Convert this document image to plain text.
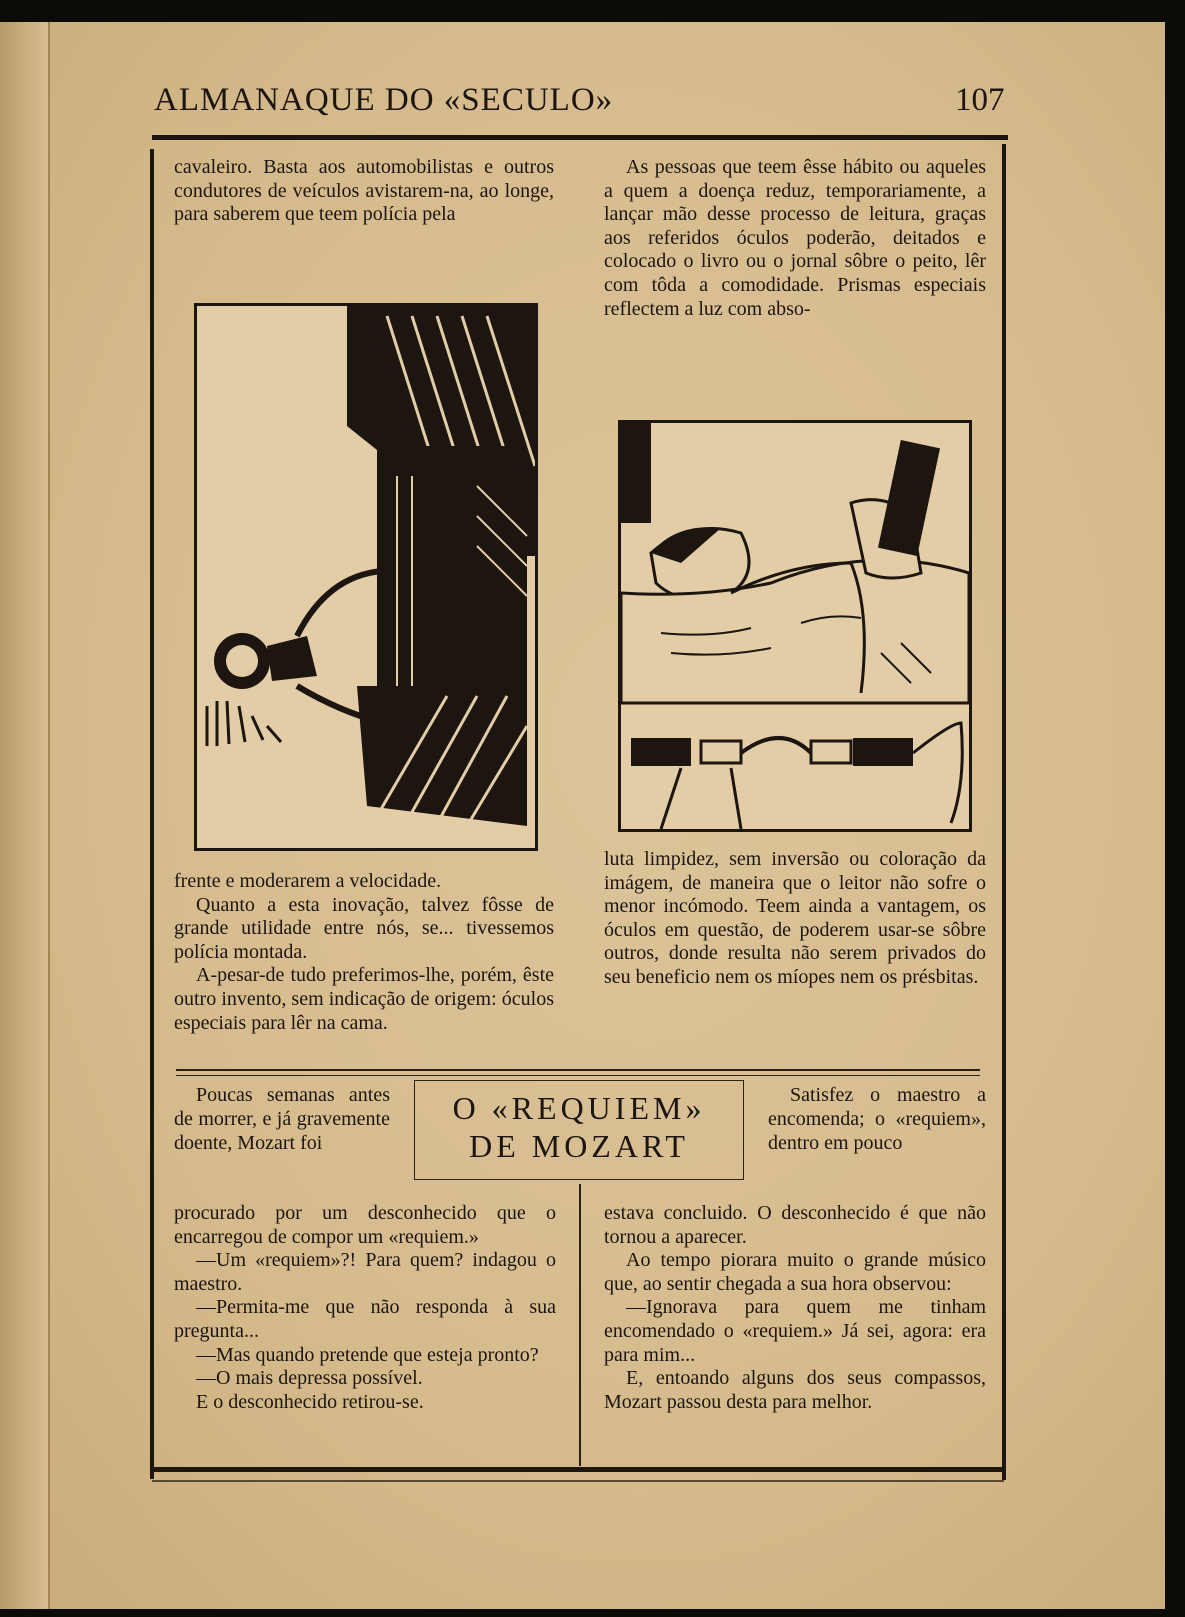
ALMANAQUE DO «SECULO»	107

cavaleiro. Basta aos automobilistas e outros condutores de veículos avistarem-na, ao longe, para saberem que teem polícia pela

frente e moderarem a velocidade.

Quanto a esta inovação, talvez fôsse de grande utilidade entre nós, se... tivessemos polícia montada.

A-pesar-de tudo preferimos-lhe, porém, êste outro invento, sem indicação de origem: óculos especiais para lêr na cama.

As pessoas que teem êsse hábito ou aqueles a quem a doença reduz, temporariamente, a lançar mão desse processo de leitura, graças aos referidos óculos poderão, deitados e colocado o livro ou o jornal sôbre o peito, lêr com tôda a comodidade. Prismas especiais reflectem a luz com abso-

luta limpidez, sem inversão ou coloração da imágem, de maneira que o leitor não sofre o menor incómodo. Teem ainda a vantagem, os óculos em questão, de poderem usar-se sôbre outros, donde resulta não serem privados do seu beneficio nem os míopes nem os présbitas.

O «REQUIEM»
DE MOZART

Poucas semanas antes de morrer, e já gravemente doente, Mozart foi

procurado por um desconhecido que o encarregou de compor um «requiem.»

—Um «requiem»?! Para quem? indagou o maestro.

—Permita-me que não responda à sua pregunta...

—Mas quando pretende que esteja pronto?

—O mais depressa possível.

E o desconhecido retirou-se.

Satisfez o maestro a encomenda; o «requiem», dentro em pouco

estava concluido. O desconhecido é que não tornou a aparecer.

Ao tempo piorara muito o grande músico que, ao sentir chegada a sua hora observou:

—Ignorava para quem me tinham encomendado o «requiem.» Já sei, agora: era para mim...

E, entoando alguns dos seus compassos, Mozart passou desta para melhor.
